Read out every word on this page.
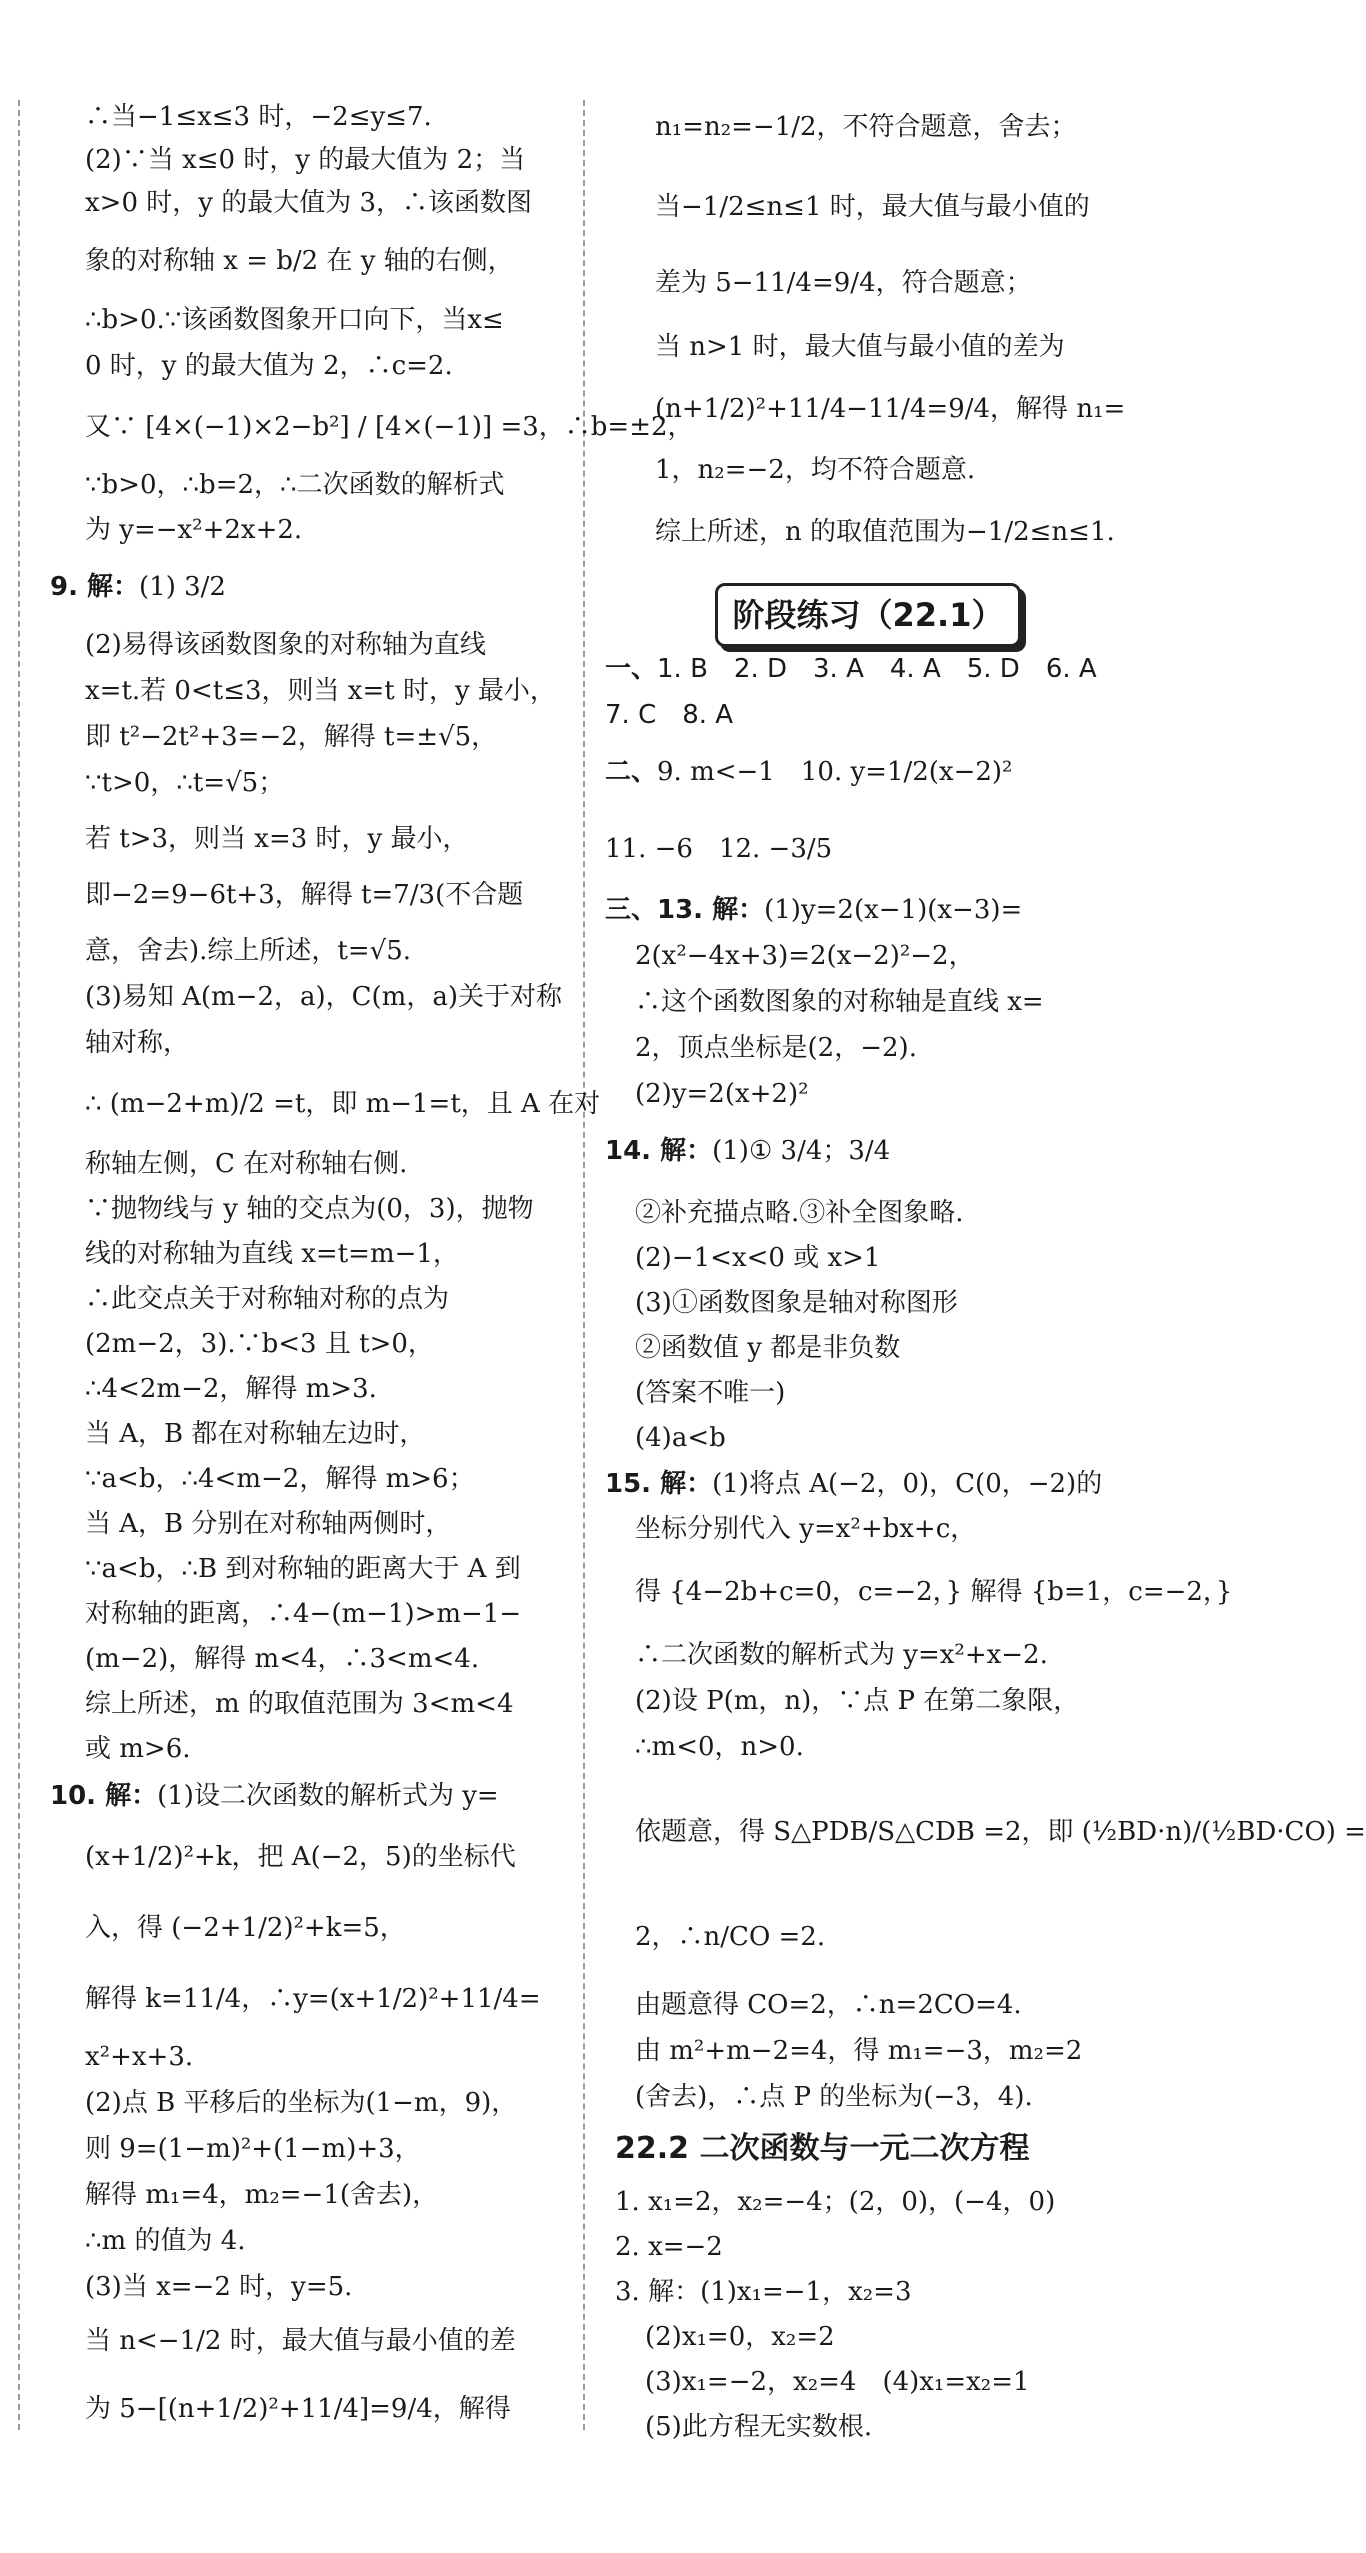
∴当−1≤x≤3 时，−2≤y≤7.
(2)∵当 x≤0 时，y 的最大值为 2；当
x>0 时，y 的最大值为 3，∴该函数图
象的对称轴 x = b/2 在 y 轴的右侧，
∴b>0.∵该函数图象开口向下，当x≤
0 时，y 的最大值为 2，∴c=2.
又∵ [4×(−1)×2−b²] / [4×(−1)] =3，∴b=±2，
∵b>0，∴b=2，∴二次函数的解析式
为 y=−x²+2x+2.
9. 解：(1) 3/2
(2)易得该函数图象的对称轴为直线
x=t.若 0<t≤3，则当 x=t 时，y 最小，
即 t²−2t²+3=−2，解得 t=±√5，
∵t>0，∴t=√5；
若 t>3，则当 x=3 时，y 最小，
即−2=9−6t+3，解得 t=7/3(不合题
意，舍去).综上所述，t=√5.
(3)易知 A(m−2，a)，C(m，a)关于对称
轴对称，
∴ (m−2+m)/2 =t，即 m−1=t，且 A 在对
称轴左侧，C 在对称轴右侧.
∵抛物线与 y 轴的交点为(0，3)，抛物
线的对称轴为直线 x=t=m−1，
∴此交点关于对称轴对称的点为
(2m−2，3).∵b<3 且 t>0，
∴4<2m−2，解得 m>3.
当 A，B 都在对称轴左边时，
∵a<b，∴4<m−2，解得 m>6；
当 A，B 分别在对称轴两侧时，
∵a<b，∴B 到对称轴的距离大于 A 到
对称轴的距离，∴4−(m−1)>m−1−
(m−2)，解得 m<4，∴3<m<4.
综上所述，m 的取值范围为 3<m<4
或 m>6.
10. 解：(1)设二次函数的解析式为 y=
(x+1/2)²+k，把 A(−2，5)的坐标代
入，得 (−2+1/2)²+k=5，
解得 k=11/4，∴y=(x+1/2)²+11/4=
x²+x+3.
(2)点 B 平移后的坐标为(1−m，9)，
则 9=(1−m)²+(1−m)+3，
解得 m₁=4，m₂=−1(舍去)，
∴m 的值为 4.
(3)当 x=−2 时，y=5.
当 n<−1/2 时，最大值与最小值的差
为 5−[(n+1/2)²+11/4]=9/4，解得
n₁=n₂=−1/2，不符合题意，舍去；
当−1/2≤n≤1 时，最大值与最小值的
差为 5−11/4=9/4，符合题意；
当 n>1 时，最大值与最小值的差为
(n+1/2)²+11/4−11/4=9/4，解得 n₁=
1，n₂=−2，均不符合题意.
综上所述，n 的取值范围为−1/2≤n≤1.
阶段练习（22.1）
一、1. B　2. D　3. A　4. A　5. D　6. A
7. C　8. A
二、9. m<−1　10. y=1/2(x−2)²
11. −6　12. −3/5
三、13. 解：(1)y=2(x−1)(x−3)=
2(x²−4x+3)=2(x−2)²−2，
∴这个函数图象的对称轴是直线 x=
2，顶点坐标是(2，−2).
(2)y=2(x+2)²
14. 解：(1)① 3/4；3/4
②补充描点略.③补全图象略.
(2)−1<x<0 或 x>1
(3)①函数图象是轴对称图形
②函数值 y 都是非负数
(答案不唯一)
(4)a<b
15. 解：(1)将点 A(−2，0)，C(0，−2)的
坐标分别代入 y=x²+bx+c，
得 {4−2b+c=0，c=−2，} 解得 {b=1，c=−2，}
∴二次函数的解析式为 y=x²+x−2.
(2)设 P(m，n)，∵点 P 在第二象限，
∴m<0，n>0.
依题意，得 S△PDB/S△CDB =2，即 (½BD·n)/(½BD·CO) =
2，∴n/CO =2.
由题意得 CO=2，∴n=2CO=4.
由 m²+m−2=4，得 m₁=−3，m₂=2
(舍去)，∴点 P 的坐标为(−3，4).
22.2 二次函数与一元二次方程
1. x₁=2，x₂=−4；(2，0)，(−4，0)
2. x=−2
3. 解：(1)x₁=−1，x₂=3
(2)x₁=0，x₂=2
(3)x₁=−2，x₂=4　(4)x₁=x₂=1
(5)此方程无实数根.
